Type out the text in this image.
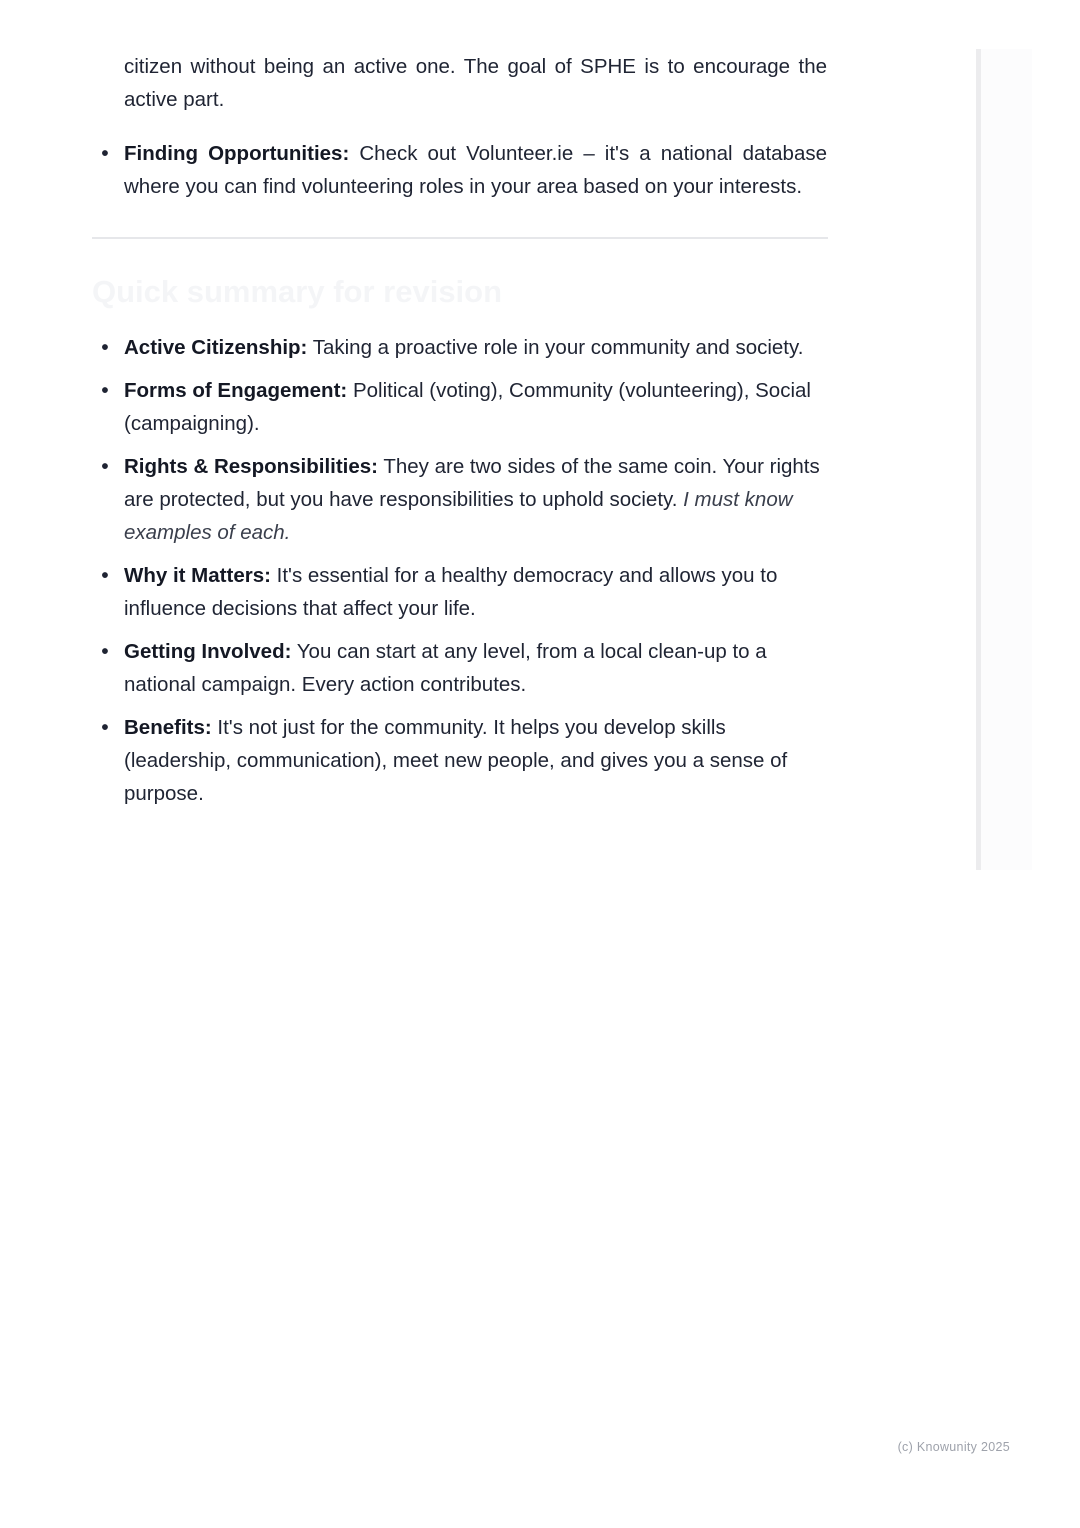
citizen without being an active one. The goal of SPHE is to encourage the active part.

• Finding Opportunities: Check out Volunteer.ie – it's a national database where you can find volunteering roles in your area based on your interests.
Quick summary for revision
• Active Citizenship: Taking a proactive role in your community and society.
• Forms of Engagement: Political (voting), Community (volunteering), Social (campaigning).
• Rights & Responsibilities: They are two sides of the same coin. Your rights are protected, but you have responsibilities to uphold society. I must know examples of each.
• Why it Matters: It's essential for a healthy democracy and allows you to influence decisions that affect your life.
• Getting Involved: You can start at any level, from a local clean-up to a national campaign. Every action contributes.
• Benefits: It's not just for the community. It helps you develop skills (leadership, communication), meet new people, and gives you a sense of purpose.
(c) Knowunity 2025
